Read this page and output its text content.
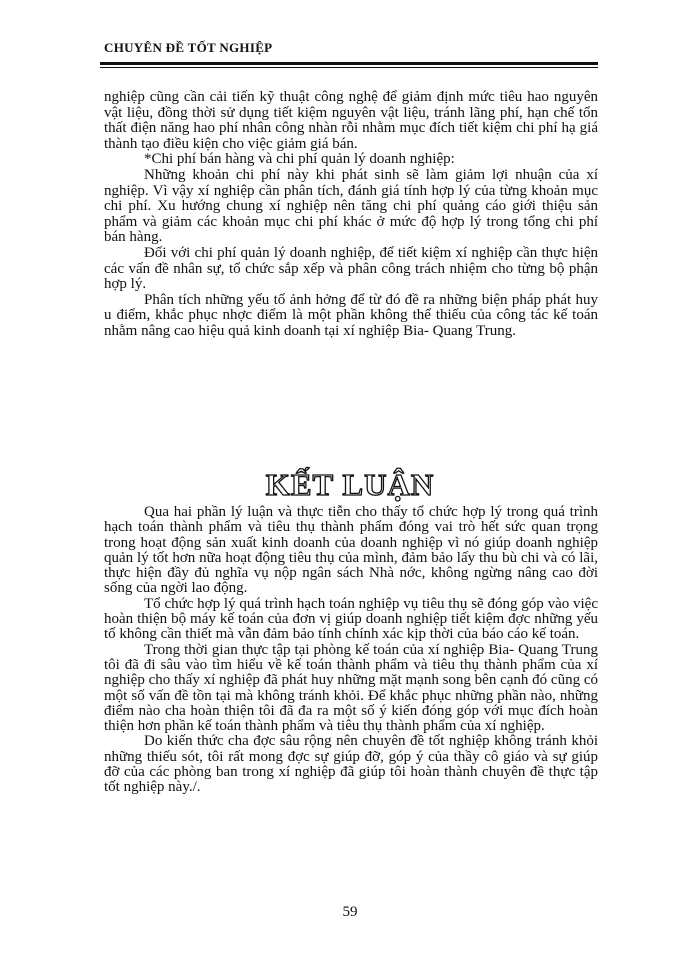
CHUYÊN ĐỀ TỐT NGHIỆP

nghiệp cũng cần cải tiến kỹ thuật công nghệ để giảm định mức tiêu hao nguyên vật liệu, đồng thời sử dụng tiết kiệm nguyên vật liệu, tránh lãng phí, hạn chế tổn thất điện năng hao phí nhân công nhàn rỗi nhằm mục đích tiết kiệm chi phí hạ giá thành tạo điều kiện cho việc giảm giá bán.

*Chi phí bán hàng và chi phí quản lý doanh nghiệp:

Những khoản chi phí này khi phát sinh sẽ làm giảm lợi nhuận của xí nghiệp. Vì vậy xí nghiệp cần phân tích, đánh giá tính hợp lý của từng khoản mục chi phí. Xu hướng chung xí nghiệp nên tăng chi phí quảng cáo giới thiệu sản phẩm và giảm các khoản mục chi phí khác ở mức độ hợp lý trong tổng chi phí bán hàng.

Đối với chi phí quản lý doanh nghiệp, để tiết kiệm xí nghiệp cần thực hiện các vấn đề nhân sự, tổ chức sắp xếp và phân công trách nhiệm cho từng bộ phận hợp lý.

Phân tích những yếu tố ảnh hởng để từ đó đề ra những biện pháp phát huy u điểm, khắc phục nhợc điểm là một phần không thể thiếu của công tác kế toán nhằm nâng cao hiệu quả kinh doanh tại xí nghiệp Bia- Quang Trung.

KẾT LUẬN

Qua hai phần lý luận và thực tiễn cho thấy tổ chức hợp lý trong quá trình hạch toán thành phẩm và tiêu thụ thành phẩm đóng vai trò hết sức quan trọng trong hoạt động sản xuất kinh doanh của doanh nghiệp vì nó giúp doanh nghiệp quản lý tốt hơn nữa hoạt động tiêu thụ của mình, đảm bảo lấy thu bù chi và có lãi, thực hiện đầy đủ nghĩa vụ nộp ngân sách Nhà nớc, không ngừng nâng cao đời sống của ngời lao động.

Tổ chức hợp lý quá trình hạch toán nghiệp vụ tiêu thụ sẽ đóng góp vào việc hoàn thiện bộ máy kế toán của đơn vị giúp doanh nghiệp tiết kiệm đợc những yếu tố không cần thiết mà vẫn đảm bảo tính chính xác kịp thời của báo cáo kế toán.

Trong thời gian thực tập tại phòng kế toán của xí nghiệp Bia- Quang Trung tôi đã đi sâu vào tìm hiểu về kế toán thành phẩm và tiêu thụ thành phẩm của xí nghiệp cho thấy xí nghiệp đã phát huy những mặt mạnh song bên cạnh đó cũng có một số vấn đề tồn tại mà không tránh khỏi. Để khắc phục những phần nào, những điểm nào cha hoàn thiện tôi đã đa ra một số ý kiến đóng góp với mục đích hoàn thiện hơn phần kế toán thành phẩm và tiêu thụ thành phẩm của xí nghiệp.

Do kiến thức cha đợc sâu rộng nên chuyên đề tốt nghiệp không tránh khỏi những thiếu sót, tôi rất mong đợc sự giúp đỡ, góp ý của thầy cô giáo và sự giúp đỡ của các phòng ban trong xí nghiệp đã giúp tôi hoàn thành chuyên đề thực tập tốt nghiệp này./.

59
